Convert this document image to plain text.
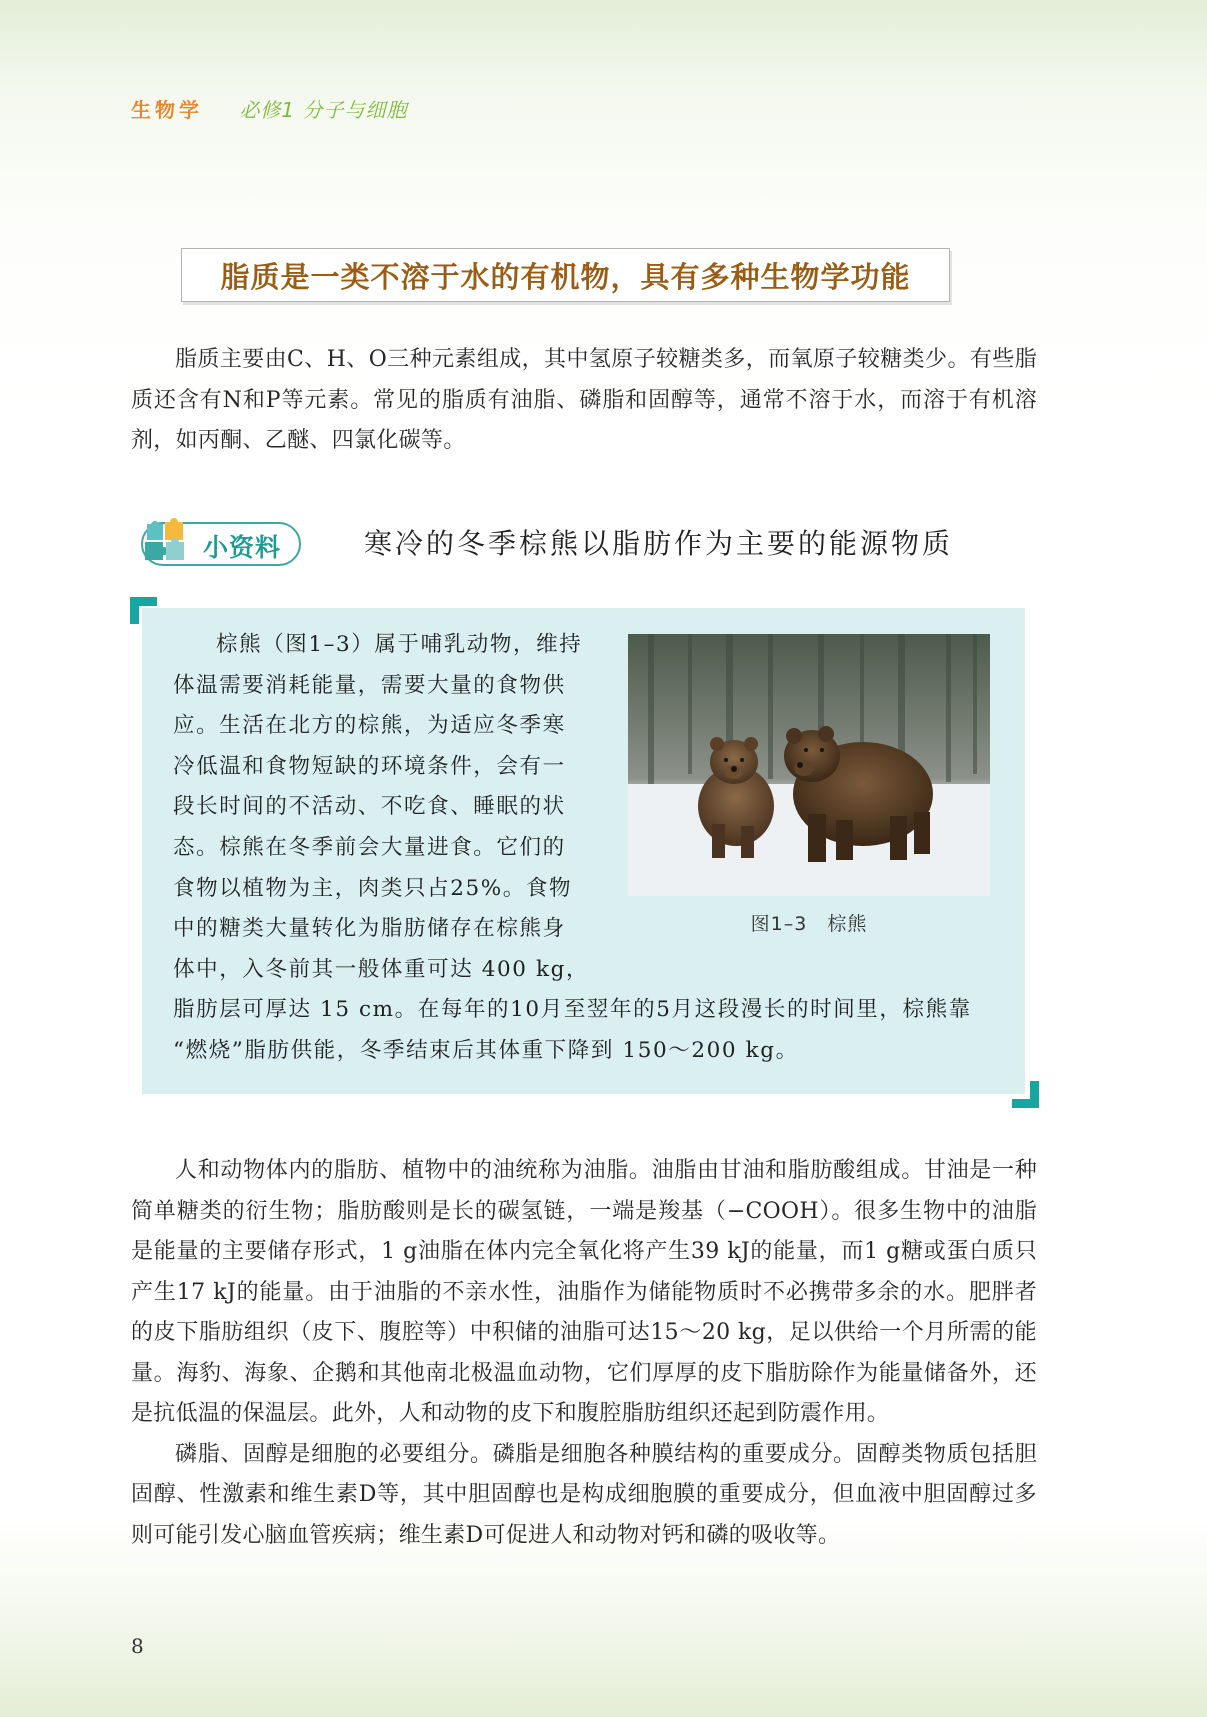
生物学 必修1 分子与细胞
脂质是一类不溶于水的有机物，具有多种生物学功能

脂质主要由C、H、O三种元素组成，其中氢原子较糖类多，而氧原子较糖类少。有些脂质还含有N和P等元素。常见的脂质有油脂、磷脂和固醇等，通常不溶于水，而溶于有机溶剂，如丙酮、乙醚、四氯化碳等。

小资料	寒冷的冬季棕熊以脂肪作为主要的能源物质
棕熊（图1–3）属于哺乳动物，维持
体温需要消耗能量，需要大量的食物供
应。生活在北方的棕熊，为适应冬季寒
冷低温和食物短缺的环境条件，会有一
段长时间的不活动、不吃食、睡眠的状
态。棕熊在冬季前会大量进食。它们的
食物以植物为主，肉类只占25%。食物
中的糖类大量转化为脂肪储存在棕熊身
体中，入冬前其一般体重可达 400 kg，
脂肪层可厚达 15 cm。在每年的10月至翌年的5月这段漫长的时间里，棕熊靠
“燃烧”脂肪供能，冬季结束后其体重下降到 150～200 kg。
图1–3 棕熊

人和动物体内的脂肪、植物中的油统称为油脂。油脂由甘油和脂肪酸组成。甘油是一种简单糖类的衍生物；脂肪酸则是长的碳氢链，一端是羧基（−COOH）。很多生物中的油脂是能量的主要储存形式，1 g油脂在体内完全氧化将产生39 kJ的能量，而1 g糖或蛋白质只产生17 kJ的能量。由于油脂的不亲水性，油脂作为储能物质时不必携带多余的水。肥胖者的皮下脂肪组织（皮下、腹腔等）中积储的油脂可达15～20 kg，足以供给一个月所需的能量。海豹、海象、企鹅和其他南北极温血动物，它们厚厚的皮下脂肪除作为能量储备外，还是抗低温的保温层。此外，人和动物的皮下和腹腔脂肪组织还起到防震作用。

磷脂、固醇是细胞的必要组分。磷脂是细胞各种膜结构的重要成分。固醇类物质包括胆固醇、性激素和维生素D等，其中胆固醇也是构成细胞膜的重要成分，但血液中胆固醇过多则可能引发心脑血管疾病；维生素D可促进人和动物对钙和磷的吸收等。

8
